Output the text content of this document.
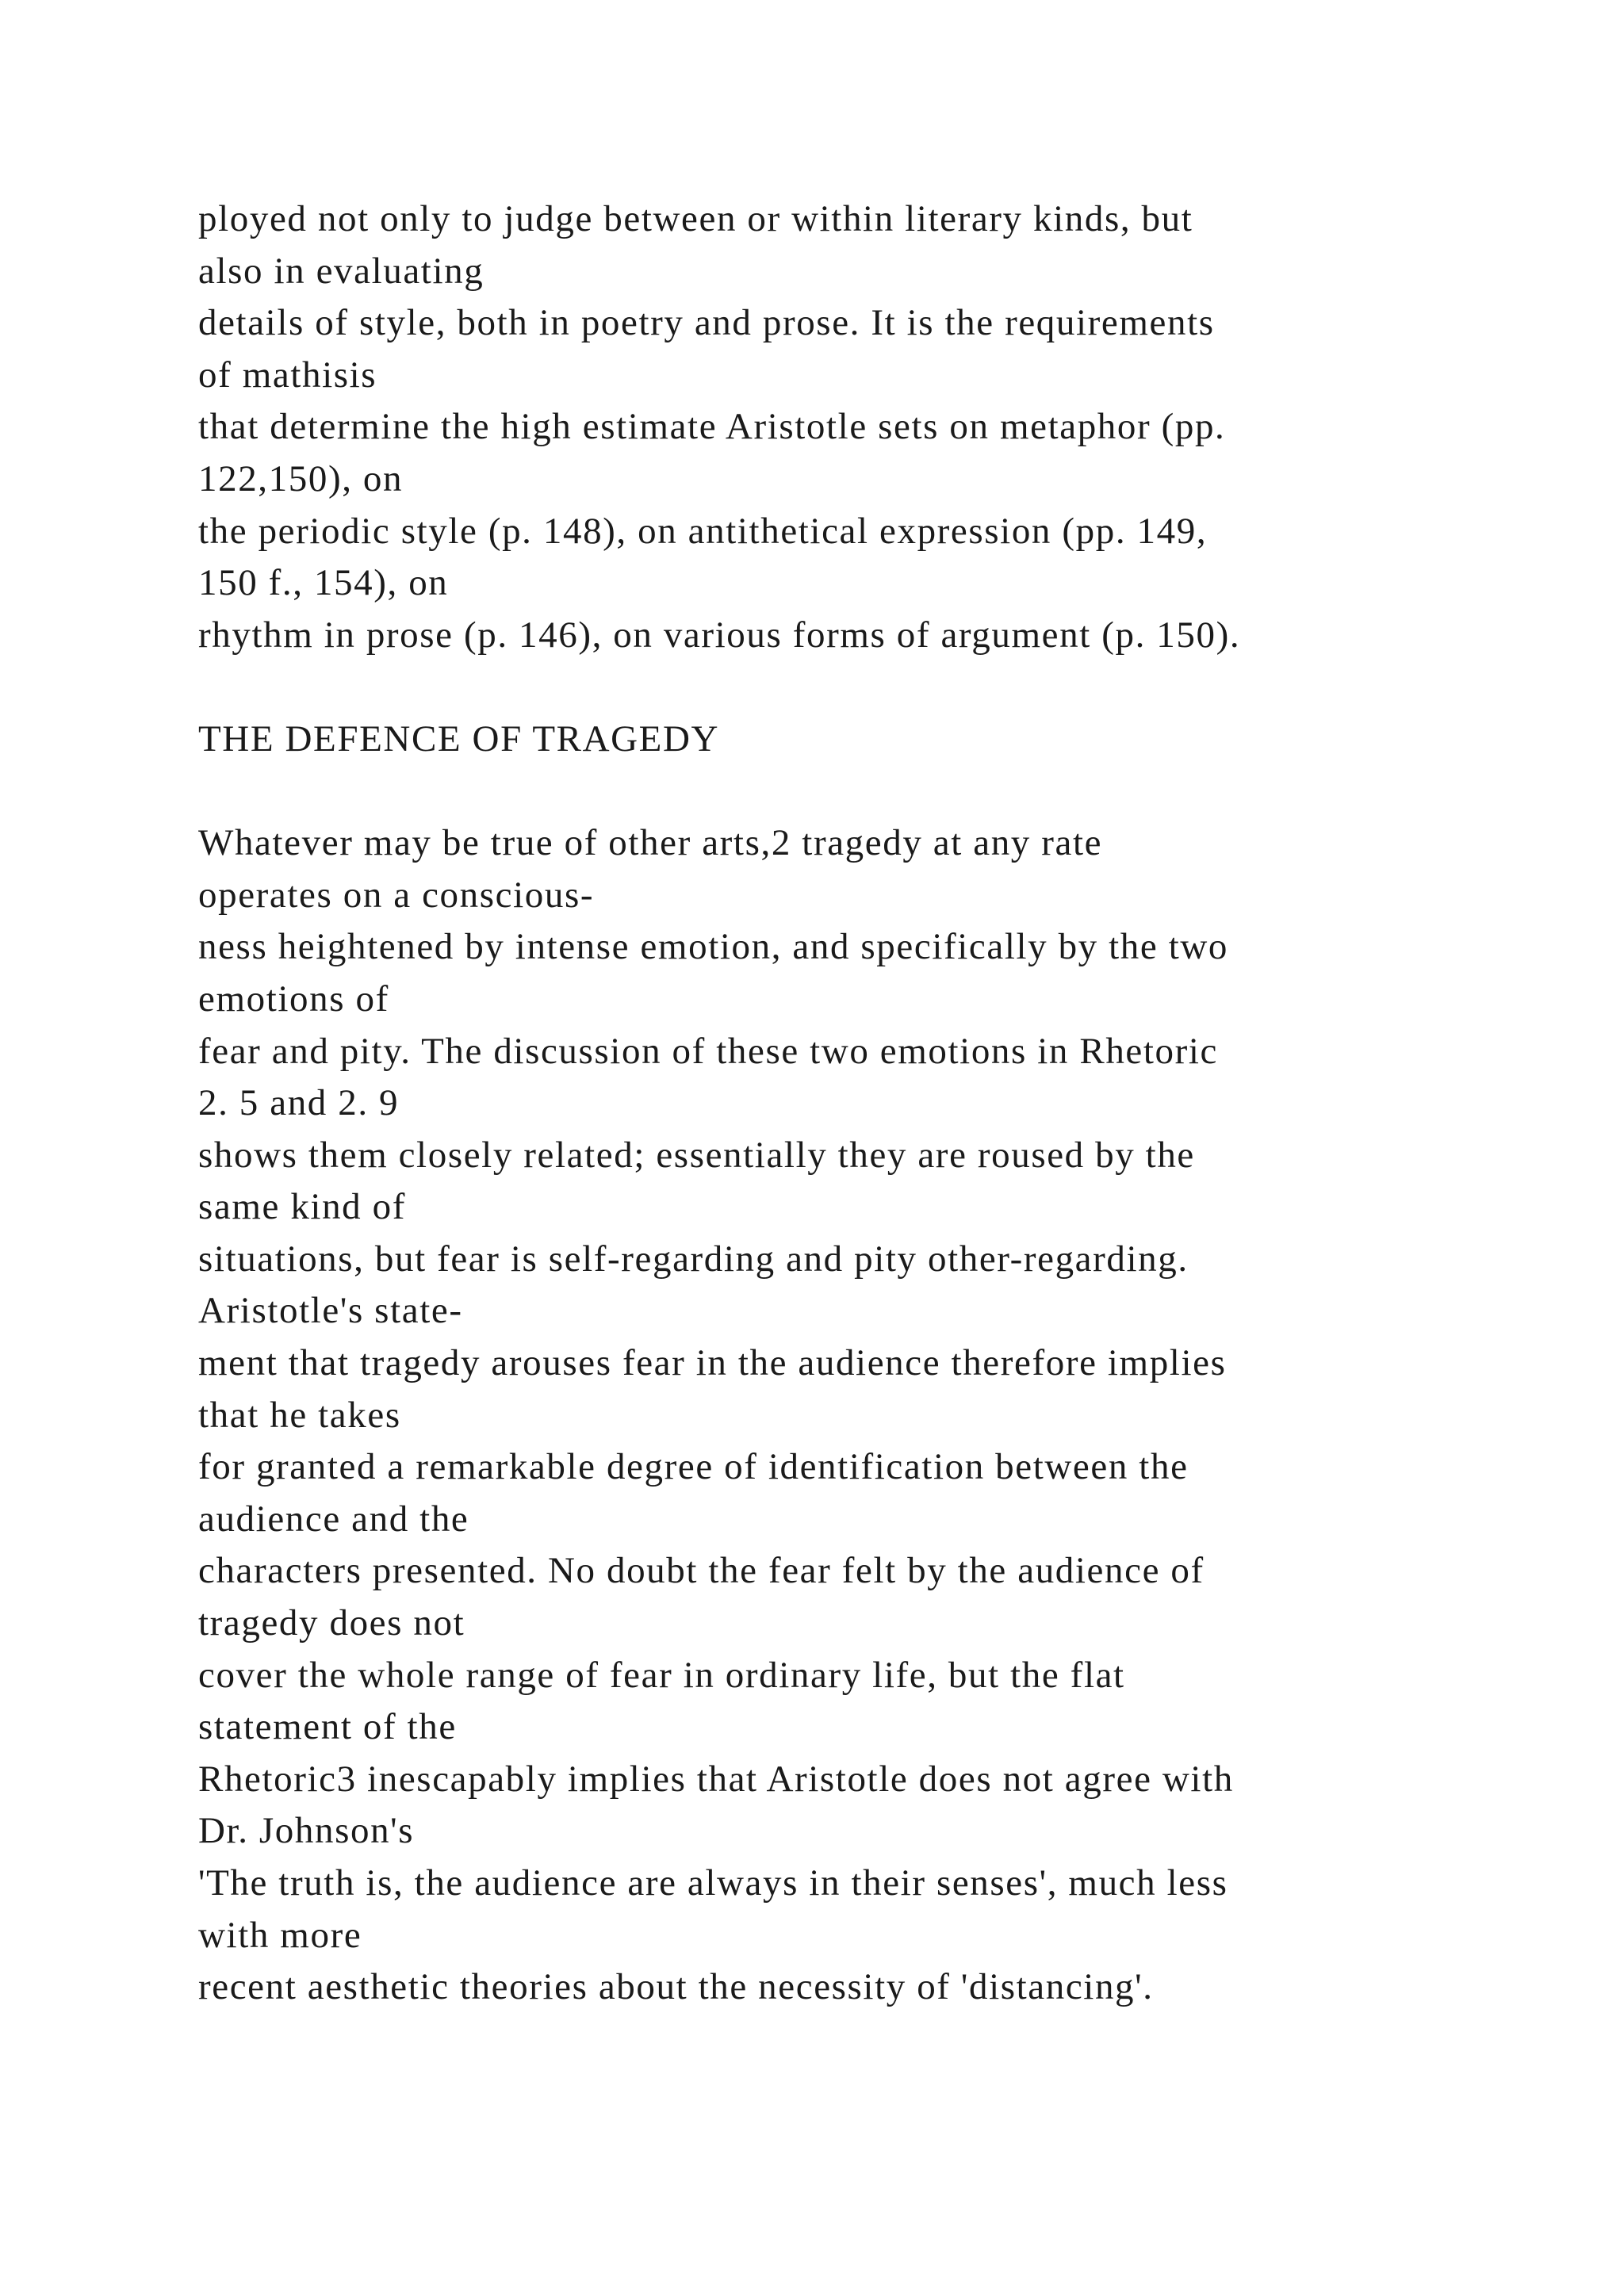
ployed not only to judge between or within literary kinds, but
also in evaluating
details of style, both in poetry and prose. It is the requirements
of mathisis
that determine the high estimate Aristotle sets on metaphor (pp.
122,150), on
the periodic style (p. 148), on antithetical expression (pp. 149,
150 f., 154), on
rhythm in prose (p. 146), on various forms of argument (p. 150).
THE DEFENCE OF TRAGEDY
Whatever may be true of other arts,2 tragedy at any rate
operates on a conscious-
ness heightened by intense emotion, and specifically by the two
emotions of
fear and pity. The discussion of these two emotions in Rhetoric
2. 5 and 2. 9
shows them closely related; essentially they are roused by the
same kind of
situations, but fear is self-regarding and pity other-regarding.
Aristotle's state-
ment that tragedy arouses fear in the audience therefore implies
that he takes
for granted a remarkable degree of identification between the
audience and the
characters presented. No doubt the fear felt by the audience of
tragedy does not
cover the whole range of fear in ordinary life, but the flat
statement of the
Rhetoric3 inescapably implies that Aristotle does not agree with
Dr. Johnson's
'The truth is, the audience are always in their senses', much less
with more
recent aesthetic theories about the necessity of 'distancing'.
